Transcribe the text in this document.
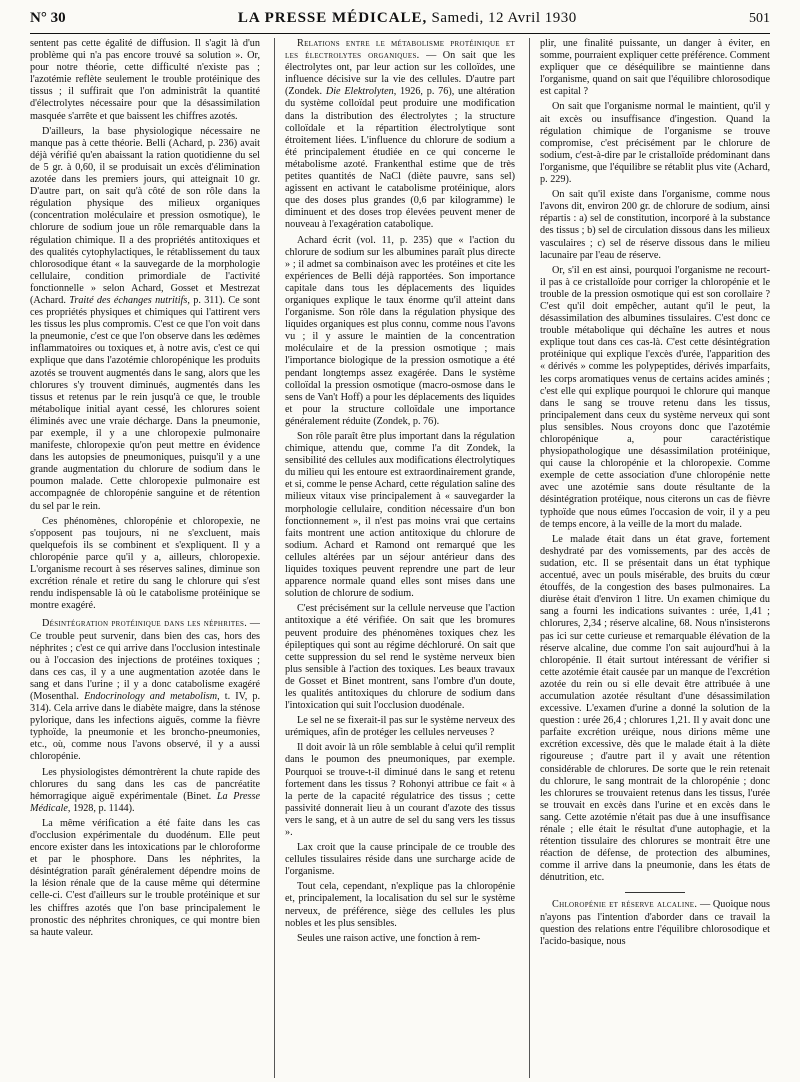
N° 30	LA PRESSE MÉDICALE, Samedi, 12 Avril 1930	501

sentent pas cette égalité de diffusion. Il s'agit là d'un problème qui n'a pas encore trouvé sa solution ». Or, pour notre théorie, cette difficulté n'existe pas ; l'azotémie reflète seulement le trouble protéinique des tissus ; il suffirait que l'on administrât la quantité d'électrolytes nécessaire pour que la désassimilation masquée s'arrête et que baissent les chiffres azotés.

D'ailleurs, la base physiologique nécessaire ne manque pas à cette théorie. Belli (Achard, p. 236) avait déjà vérifié qu'en abaissant la ration quotidienne du sel de 5 gr. à 0,60, il se produisait un excès d'élimination azotée dans les premiers jours, qui atteignait 10 gr. D'autre part, on sait qu'à côté de son rôle dans la régulation physique des milieux organiques (concentration moléculaire et pression osmotique), le chlorure de sodium joue un rôle remarquable dans la régulation chimique. Il a des propriétés antitoxiques et des qualités cytophylactiques, le rétablissement du taux chlorosodique étant « la sauvegarde de la morphologie cellulaire, condition primordiale de l'activité fonctionnelle » selon Achard, Gosset et Mestrezat (Achard. Traité des échanges nutritifs, p. 311). Ce sont ces propriétés physiques et chimiques qui l'attirent vers les tissus les plus compromis. C'est ce que l'on voit dans la pneumonie, c'est ce que l'on observe dans les œdèmes inflammatoires ou toxiques et, à notre avis, c'est ce qui explique que dans l'azotémie chloropénique les produits azotés se trouvent augmentés dans le sang, alors que les chlorures s'y trouvent diminués, augmentés dans les tissus et retenus par le rein jusqu'à ce que, le trouble métabolique initial ayant cessé, les chlorures soient éliminés avec une vraie décharge. Dans la pneumonie, par exemple, il y a une chloropexie pulmonaire manifeste, chloropexie qu'on peut mettre en évidence dans les autopsies de pneumoniques, puisqu'il y a une grande augmentation du chlorure de sodium dans le poumon malade. Cette chloropexie pulmonaire est accompagnée de chloropénie sanguine et de rétention du sel par le rein.

Ces phénomènes, chloropénie et chloropexie, ne s'opposent pas toujours, ni ne s'excluent, mais quelquefois ils se combinent et s'expliquent. Il y a chloropénie parce qu'il y a, ailleurs, chloropexie. L'organisme recourt à ses réserves salines, diminue son excrétion rénale et retire du sang le chlorure qui s'est rendu indispensable là où le catabolisme protéinique se montre exagéré.

Désintégration protéinique dans les néphrites. — Ce trouble peut survenir, dans bien des cas, hors des néphrites ; c'est ce qui arrive dans l'occlusion intestinale ou à l'occasion des injections de protéines toxiques ; dans ces cas, il y a une augmentation azotée dans le sang et dans l'urine ; il y a donc catabolisme exagéré (Mosenthal. Endocrinology and metabolism, t. IV, p. 314). Cela arrive dans le diabète maigre, dans la sténose pylorique, dans les infections aiguës, comme la fièvre typhoïde, la pneumonie et les broncho-pneumonies, etc., où, comme nous l'avons observé, il y a aussi chloropénie.

Les physiologistes démontrèrent la chute rapide des chlorures du sang dans les cas de pancréatite hémorragique aiguë expérimentale (Binet. La Presse Médicale, 1928, p. 1144).

La même vérification a été faite dans les cas d'occlusion expérimentale du duodénum. Elle peut encore exister dans les intoxications par le chloroforme et par le phosphore. Dans les néphrites, la désintégration paraît généralement dépendre moins de la lésion rénale que de la cause même qui détermine celle-ci. C'est d'ailleurs sur le trouble protéinique et sur les chiffres azotés que l'on base principalement le pronostic des néphrites chroniques, ce qui montre bien sa haute valeur.

Relations entre le métabolisme protéinique et les électrolytes organiques. — On sait que les électrolytes ont, par leur action sur les colloïdes, une influence décisive sur la vie des cellules. D'autre part (Zondek. Die Elektrolyten, 1926, p. 76), une altération du système colloïdal peut produire une modification dans la distribution des électrolytes ; la structure colloïdale et la répartition électrolytique sont étroitement liées. L'influence du chlorure de sodium a été principalement étudiée en ce qui concerne le métabolisme azoté. Frankenthal estime que de très petites quantités de NaCl (diète pauvre, sans sel) agissent en activant le catabolisme protéinique, alors que des doses plus grandes (0,6 par kilogramme) le diminuent et des doses trop élevées peuvent mener de nouveau à l'exagération catabolique.

Achard écrit (vol. 11, p. 235) que « l'action du chlorure de sodium sur les albumines paraît plus directe » ; il admet sa combinaison avec les protéines et cite les expériences de Belli déjà rapportées. Son importance capitale dans tous les déplacements des liquides organiques explique le taux énorme qu'il atteint dans l'organisme. Son rôle dans la régulation physique des liquides organiques est plus connu, comme nous l'avons vu ; il y assure le maintien de la concentration moléculaire et de la pression osmotique ; mais l'importance biologique de la pression osmotique a été pendant longtemps assez exagérée. Dans le système colloïdal la pression osmotique (macro-osmose dans le sens de Van't Hoff) a pour les déplacements des liquides et pour la structure colloïdale une importance généralement réduite (Zondek, p. 76).

Son rôle paraît être plus important dans la régulation chimique, attendu que, comme l'a dit Zondek, la sensibilité des cellules aux modifications électrolytiques du milieu qui les entoure est extraordinairement grande, et si, comme le pense Achard, cette régulation saline des milieux vitaux vise principalement à « sauvegarder la morphologie cellulaire, condition nécessaire d'un bon fonctionnement », il n'est pas moins vrai que certains faits montrent une action antitoxique du chlorure de sodium. Achard et Ramond ont remarqué que les cellules altérées par un séjour antérieur dans des liquides toxiques peuvent reprendre une part de leur apparence normale quand elles sont mises dans une solution de chlorure de sodium.

C'est précisément sur la cellule nerveuse que l'action antitoxique a été vérifiée. On sait que les bromures peuvent produire des phénomènes toxiques chez les épileptiques qui sont au régime déchloruré. On sait que cette suppression du sel rend le système nerveux bien plus sensible à l'action des toxiques. Les beaux travaux de Gosset et Binet montrent, sans l'ombre d'un doute, les qualités antitoxiques du chlorure de sodium dans l'intoxication qui suit l'occlusion duodénale.

Le sel ne se fixerait-il pas sur le système nerveux des urémiques, afin de protéger les cellules nerveuses ?

Il doit avoir là un rôle semblable à celui qu'il remplit dans le poumon des pneumoniques, par exemple. Pourquoi se trouve-t-il diminué dans le sang et retenu fortement dans les tissus ? Rohonyi attribue ce fait « à la perte de la capacité régulatrice des tissus ; cette passivité donnerait lieu à un courant d'azote des tissus vers le sang, et à un autre de sel du sang vers les tissus ».

Lax croit que la cause principale de ce trouble des cellules tissulaires réside dans une surcharge acide de l'organisme.

Tout cela, cependant, n'explique pas la chloropénie et, principalement, la localisation du sel sur le système nerveux, de préférence, siège des cellules les plus nobles et les plus sensibles.

Seules une raison active, une fonction à rem-

plir, une finalité puissante, un danger à éviter, en somme, pourraient expliquer cette préférence. Comment expliquer que ce déséquilibre se maintienne dans l'organisme, quand on sait que l'équilibre chlorosodique est capital ?

On sait que l'organisme normal le maintient, qu'il y ait excès ou insuffisance d'ingestion. Quand la régulation chimique de l'organisme se trouve compromise, c'est précisément par le chlorure de sodium, c'est-à-dire par le cristalloïde prédominant dans l'organisme, que l'équilibre se rétablit plus vite (Achard, p. 229).

On sait qu'il existe dans l'organisme, comme nous l'avons dit, environ 200 gr. de chlorure de sodium, ainsi répartis : a) sel de constitution, incorporé à la substance des tissus ; b) sel de circulation dissous dans les milieux vasculaires ; c) sel de réserve dissous dans le milieu lacunaire par l'eau de réserve.

Or, s'il en est ainsi, pourquoi l'organisme ne recourt-il pas à ce cristalloïde pour corriger la chloropénie et le trouble de la pression osmotique qui est son corollaire ? C'est qu'il doit empêcher, autant qu'il le peut, la désassimilation des albumines tissulaires. C'est donc ce trouble métabolique qui déchaîne les autres et nous explique tout dans ces cas-là. C'est cette désintégration protéinique qui explique l'excès d'urée, l'apparition des « dérivés » comme les polypeptides, dérivés imparfaits, les corps aromatiques venus de certains acides aminés ; c'est elle qui explique pourquoi le chlorure qui manque dans le sang se trouve retenu dans les tissus, principalement dans ceux du système nerveux qui sont plus sensibles. Nous croyons donc que l'azotémie chloropénique a, pour caractéristique physiopathologique une désassimilation protéinique, qui cause la chloropénie et la chloropexie. Comme exemple de cette association d'une chloropénie nette avec une azotémie sans doute résultante de la désintégration protéique, nous citerons un cas de fièvre typhoïde que nous eûmes l'occasion de voir, il y a peu de temps encore, à la veille de la mort du malade.

Le malade était dans un état grave, fortement deshydraté par des vomissements, par des accès de sudation, etc. Il se présentait dans un état typhique accentué, avec un pouls misérable, des bruits du cœur étouffés, de la congestion des bases pulmonaires. La diurèse était d'environ 1 litre. Un examen chimique du sang a fourni les indications suivantes : urée, 1,41 ; chlorures, 2,34 ; réserve alcaline, 68. Nous n'insisterons pas ici sur cette curieuse et remarquable élévation de la réserve alcaline, due comme l'on sait aujourd'hui à la chloropénie. Il était surtout intéressant de vérifier si cette azotémie était causée par un manque de l'excrétion azotée du rein ou si elle devait être attribuée à une accumulation azotée résultant d'une désassimilation excessive. L'examen d'urine a donné la solution de la question : urée 26,4 ; chlorures 1,21. Il y avait donc une parfaite excrétion uréique, nous dirions même une excrétion excessive, dès que le malade était à la diète rigoureuse ; d'autre part il y avait une rétention considérable de chlorures. De sorte que le rein retenait du chlorure, le sang montrait de la chloropénie ; donc les chlorures se trouvaient retenus dans les tissus, l'urée se trouvait en excès dans l'urine et en excès dans le sang. Cette azotémie n'était pas due à une insuffisance rénale ; elle était le résultat d'une autophagie, et la rétention tissulaire des chlorures se montrait être une réaction de défense, de protection des albumines, comme il arrive dans la pneumonie, dans les états de dénutrition, etc.

Chloropénie et réserve alcaline. — Quoique nous n'ayons pas l'intention d'aborder dans ce travail la question des relations entre l'équilibre chlorosodique et l'acido-basique, nous
